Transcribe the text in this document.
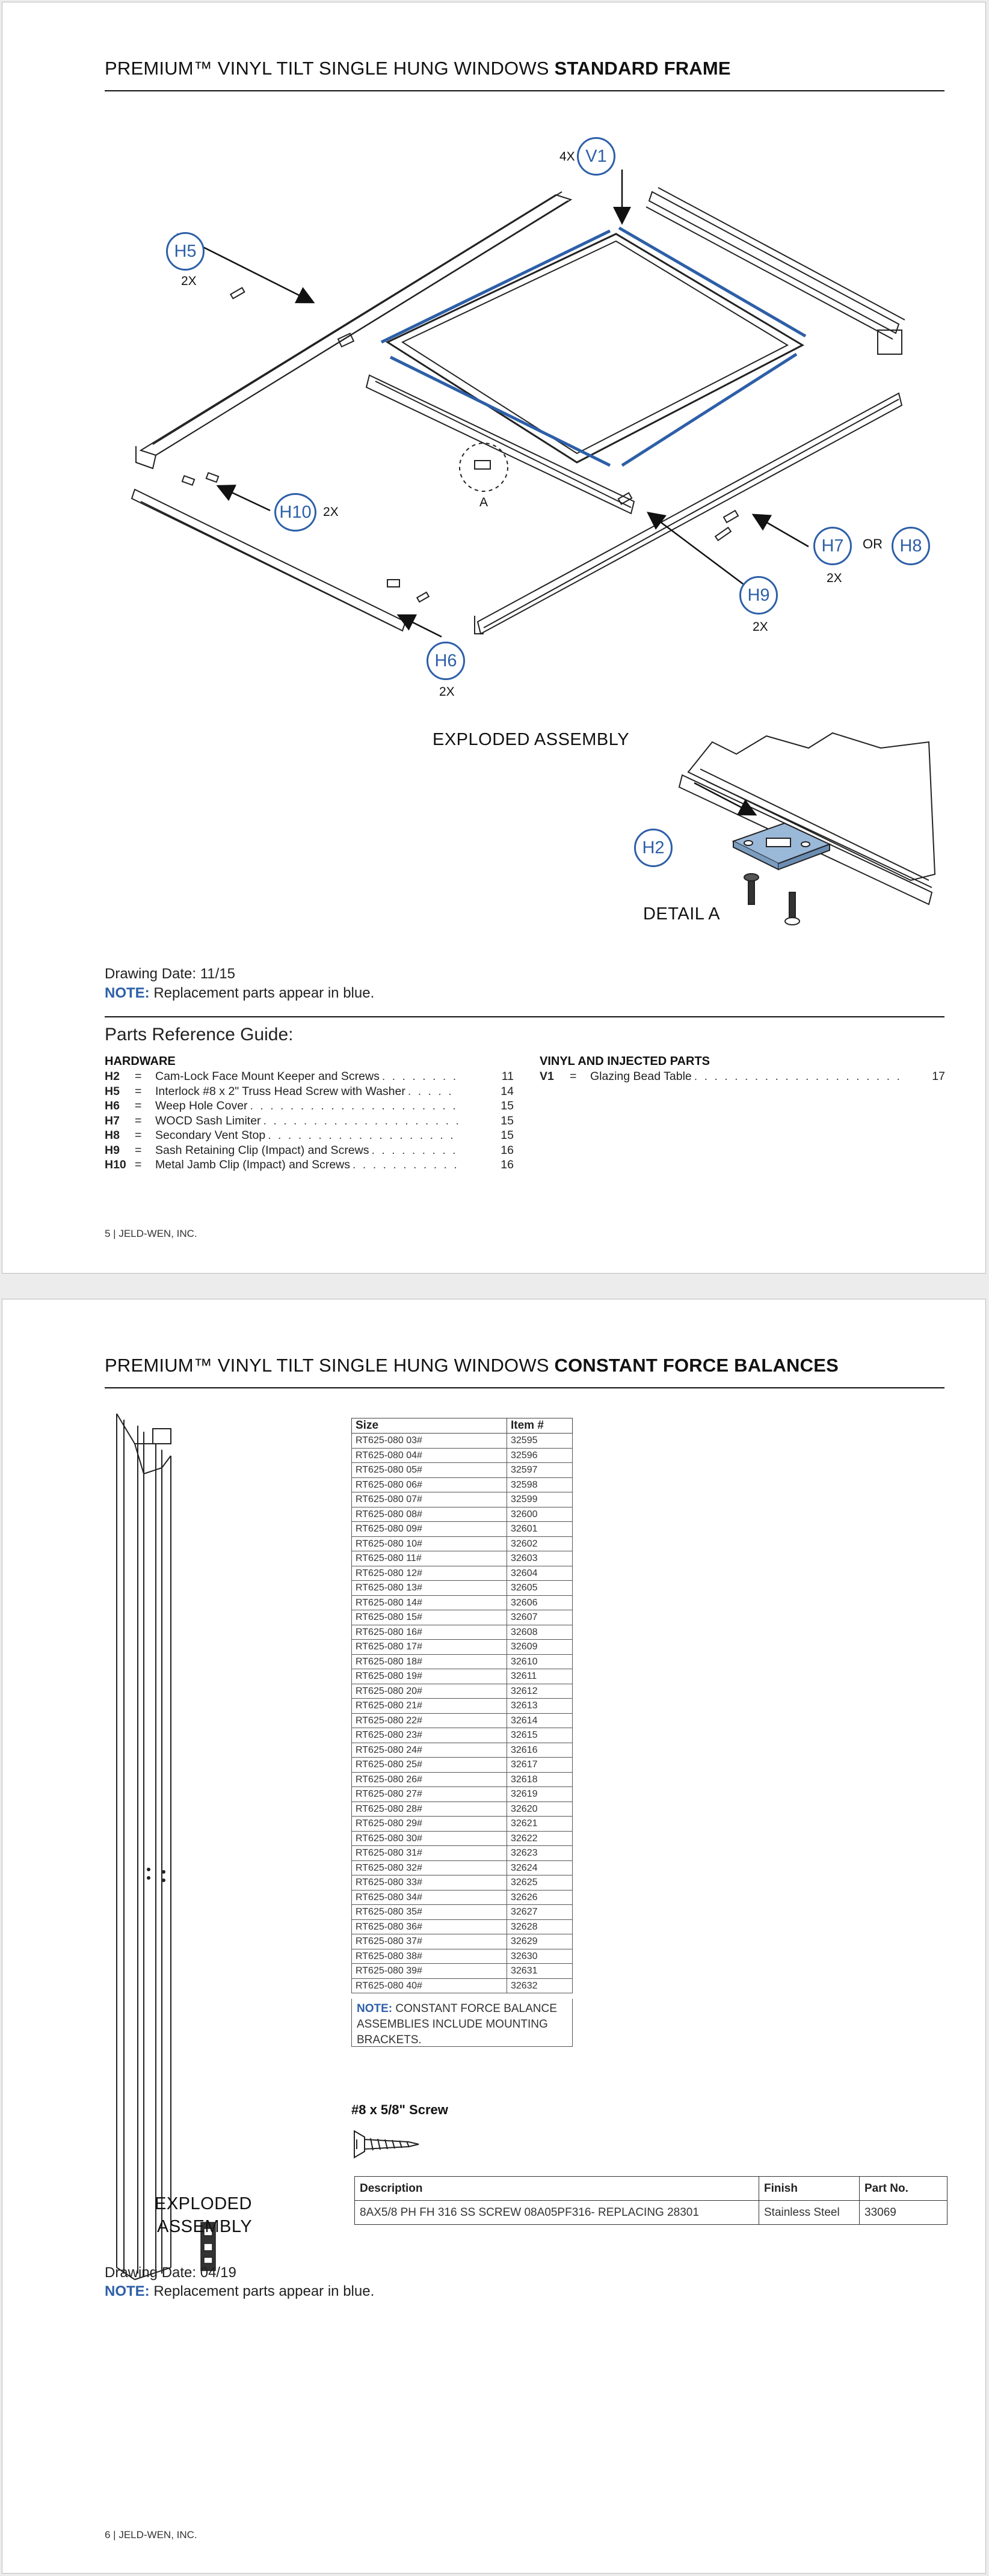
PREMIUM™ VINYL TILT SINGLE HUNG WINDOWS STANDARD FRAME
4X V1
H5
2X
H10 2X
H6
2X
H7	OR H8
2X
H9
2X
A
EXPLODED ASSEMBLY
H2
DETAIL A
Drawing Date: 11/15
NOTE: Replacement parts appear in blue.
Parts Reference Guide:
HARDWARE
H2	=	Cam-Lock Face Mount Keeper and Screws . . . . . . . .	11
H5	=	Interlock #8 x 2" Truss Head Screw with Washer . . . . .	14
H6	=	Weep Hole Cover . . . . . . . . . . . . . . . . . . . . .	15
H7	=	WOCD Sash Limiter . . . . . . . . . . . . . . . . . . . .	15
H8	=	Secondary Vent Stop . . . . . . . . . . . . . . . . . . .	15
H9	=	Sash Retaining Clip (Impact) and Screws . . . . . . . . .	16
H10 =	Metal Jamb Clip (Impact) and Screws . . . . . . . . . . .	16
VINYL AND INJECTED PARTS
V1	=	Glazing Bead Table . . . . . . . . . . . . . . . . . . . . .	17
5 | JELD-WEN, INC.
PREMIUM™ VINYL TILT SINGLE HUNG WINDOWS CONSTANT FORCE BALANCES
EXPLODED
ASSEMBLY
Size	Item #
RT625-080 03#	32595
RT625-080 04#	32596
RT625-080 05#	32597
RT625-080 06#	32598
RT625-080 07#	32599
RT625-080 08#	32600
RT625-080 09#	32601
RT625-080 10#	32602
RT625-080 11#	32603
RT625-080 12#	32604
RT625-080 13#	32605
RT625-080 14#	32606
RT625-080 15#	32607
RT625-080 16#	32608
RT625-080 17#	32609
RT625-080 18#	32610
RT625-080 19#	32611
RT625-080 20#	32612
RT625-080 21#	32613
RT625-080 22#	32614
RT625-080 23#	32615
RT625-080 24#	32616
RT625-080 25#	32617
RT625-080 26#	32618
RT625-080 27#	32619
RT625-080 28#	32620
RT625-080 29#	32621
RT625-080 30#	32622
RT625-080 31#	32623
RT625-080 32#	32624
RT625-080 33#	32625
RT625-080 34#	32626
RT625-080 35#	32627
RT625-080 36#	32628
RT625-080 37#	32629
RT625-080 38#	32630
RT625-080 39#	32631
RT625-080 40#	32632
NOTE: CONSTANT FORCE BALANCE ASSEMBLIES INCLUDE MOUNTING BRACKETS.
#8 x 5/8" Screw
Description	Finish	Part No.
8AX5/8 PH FH 316 SS SCREW 08A05PF316- REPLACING 28301	Stainless Steel	33069
Drawing Date: 04/19
NOTE: Replacement parts appear in blue.
6 | JELD-WEN, INC.
